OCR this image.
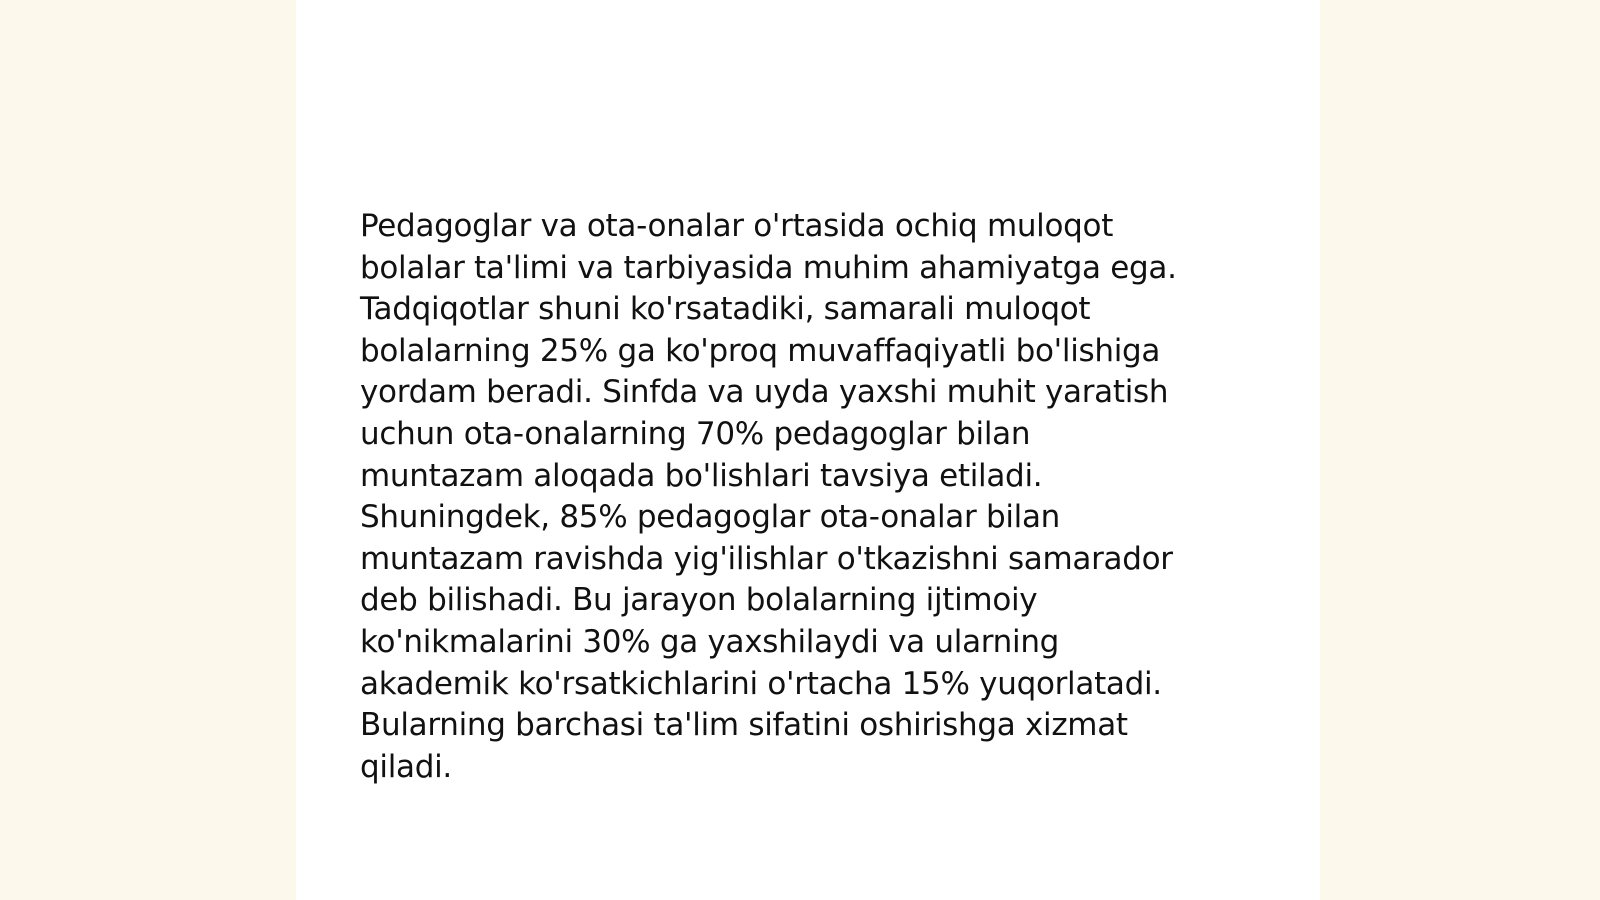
Pedagoglar va ota-onalar o'rtasida ochiq muloqot
bolalar ta'limi va tarbiyasida muhim ahamiyatga ega.
Tadqiqotlar shuni ko'rsatadiki, samarali muloqot
bolalarning 25% ga ko'proq muvaffaqiyatli bo'lishiga
yordam beradi. Sinfda va uyda yaxshi muhit yaratish
uchun ota-onalarning 70% pedagoglar bilan
muntazam aloqada bo'lishlari tavsiya etiladi.
Shuningdek, 85% pedagoglar ota-onalar bilan
muntazam ravishda yig'ilishlar o'tkazishni samarador
deb bilishadi. Bu jarayon bolalarning ijtimoiy
ko'nikmalarini 30% ga yaxshilaydi va ularning
akademik ko'rsatkichlarini o'rtacha 15% yuqorlatadi.
Bularning barchasi ta'lim sifatini oshirishga xizmat
qiladi.
